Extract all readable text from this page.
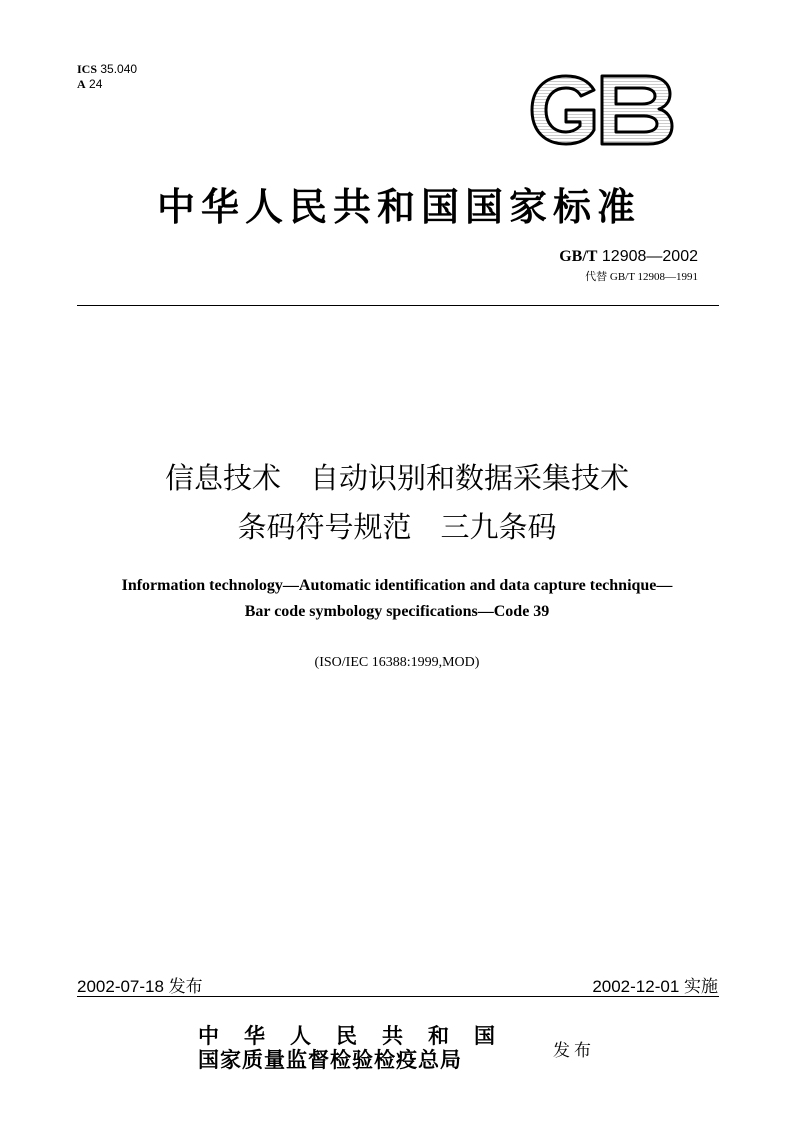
ICS 35.040
A 24
中华人民共和国国家标准
GB/T 12908—2002
代替 GB/T 12908—1991
信息技术　自动识别和数据采集技术
条码符号规范　三九条码
Information technology—Automatic identification and data capture technique—
Bar code symbology specifications—Code 39
(ISO/IEC 16388:1999,MOD)
2002-07-18 发布	2002-12-01 实施
中　华　人　民　共　和　国
国家质量监督检验检疫总局	发布
